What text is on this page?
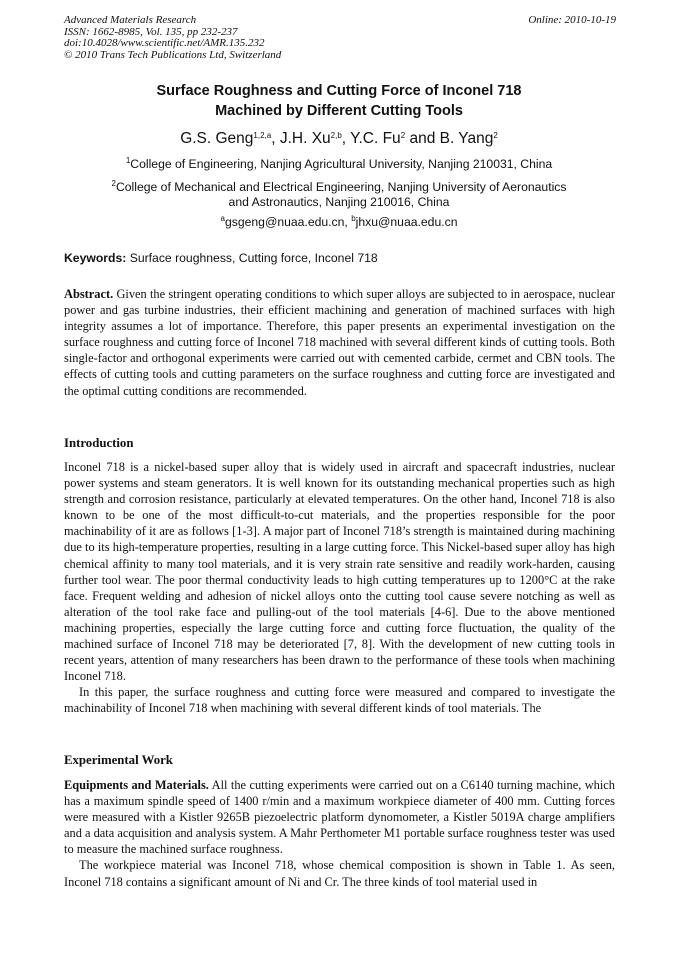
Advanced Materials Research
ISSN: 1662-8985, Vol. 135, pp 232-237
doi:10.4028/www.scientific.net/AMR.135.232
© 2010 Trans Tech Publications Ltd, Switzerland
Online: 2010-10-19
Surface Roughness and Cutting Force of Inconel 718
Machined by Different Cutting Tools
G.S. Geng$^{1,2,a}$, J.H. Xu$^{2,b}$, Y.C. Fu$^2$ and B. Yang$^2$
$^1$College of Engineering, Nanjing Agricultural University, Nanjing 210031, China
$^2$College of Mechanical and Electrical Engineering, Nanjing University of Aeronautics
and Astronautics, Nanjing 210016, China
$^a$gsgeng@nuaa.edu.cn, $^b$jhxu@nuaa.edu.cn
Keywords: Surface roughness, Cutting force, Inconel 718

Abstract. Given the stringent operating conditions to which super alloys are subjected to in aerospace, nuclear power and gas turbine industries, their efficient machining and generation of machined surfaces with high integrity assumes a lot of importance. Therefore, this paper presents an experimental investigation on the surface roughness and cutting force of Inconel 718 machined with several different kinds of cutting tools. Both single-factor and orthogonal experiments were carried out with cemented carbide, cermet and CBN tools. The effects of cutting tools and cutting parameters on the surface roughness and cutting force are investigated and the optimal cutting conditions are recommended.

Introduction

Inconel 718 is a nickel-based super alloy that is widely used in aircraft and spacecraft industries, nuclear power systems and steam generators. It is well known for its outstanding mechanical properties such as high strength and corrosion resistance, particularly at elevated temperatures. On the other hand, Inconel 718 is also known to be one of the most difficult-to-cut materials, and the properties responsible for the poor machinability of it are as follows [1-3]. A major part of Inconel 718’s strength is maintained during machining due to its high-temperature properties, resulting in a large cutting force. This Nickel-based super alloy has high chemical affinity to many tool materials, and it is very strain rate sensitive and readily work-harden, causing further tool wear. The poor thermal conductivity leads to high cutting temperatures up to 1200°C at the rake face. Frequent welding and adhesion of nickel alloys onto the cutting tool cause severe notching as well as alteration of the tool rake face and pulling-out of the tool materials [4-6]. Due to the above mentioned machining properties, especially the large cutting force and cutting force fluctuation, the quality of the machined surface of Inconel 718 may be deteriorated [7, 8]. With the development of new cutting tools in recent years, attention of many researchers has been drawn to the performance of these tools when machining Inconel 718.

In this paper, the surface roughness and cutting force were measured and compared to investigate the machinability of Inconel 718 when machining with several different kinds of tool materials. The

Experimental Work

Equipments and Materials. All the cutting experiments were carried out on a C6140 turning machine, which has a maximum spindle speed of 1400 r/min and a maximum workpiece diameter of 400 mm. Cutting forces were measured with a Kistler 9265B piezoelectric platform dynomometer, a Kistler 5019A charge amplifiers and a data acquisition and analysis system. A Mahr Perthometer M1 portable surface roughness tester was used to measure the machined surface roughness.

The workpiece material was Inconel 718, whose chemical composition is shown in Table 1. As seen, Inconel 718 contains a significant amount of Ni and Cr. The three kinds of tool material used in
